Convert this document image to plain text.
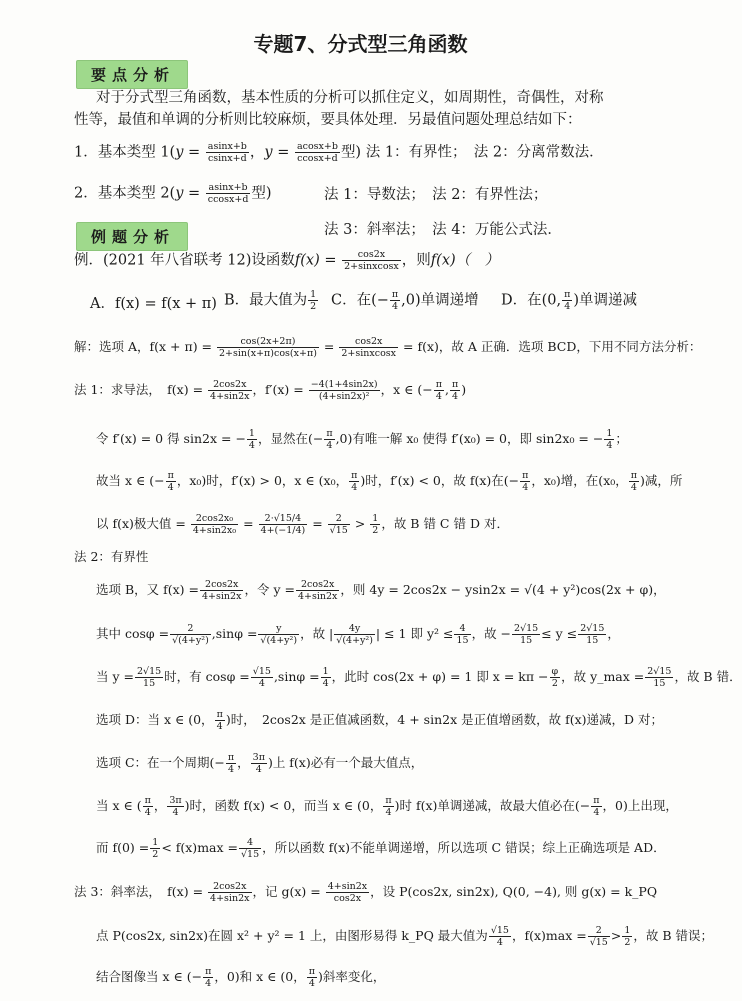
专题7、分式型三角函数
要点分析
对于分式型三角函数，基本性质的分析可以抓住定义，如周期性，奇偶性，对称
性等，最值和单调的分析则比较麻烦，要具体处理．另最值问题处理总结如下：
1．基本类型 $1(y = \frac{asinx+b}{csinx+d}$ ，$y = \frac{acosx+b}{ccosx+d}$ 型) 法 1：有界性；　法 2：分离常数法．
2．基本类型 $2(y = \frac{asinx+b}{ccosx+d}$ 型)	法 1：导数法；　法 2：有界性法；
法 3：斜率法；　法 4：万能公式法．
例题分析
例．(2021 年八省联考 12)设函数$f(x) = \frac{\cos 2x}{\text{2+sinxcosx}}$ ，则f(x)（　）
A．f(x) = f(x + π) B．最大值为 $\frac{1}{2}$ C．在(− $\frac{\pi}{4} ,0$)单调递增 D．在(0, $\frac{\pi}{4}$ )单调递减
解：选项 A，$f(x + \pi) = \frac{\cos(2x+2\pi)}{2+\sin(x+\pi)\cos(x+\pi)} = \frac{\cos 2x}{\text{2+sinxcosx}} = f(x)$，故 A 正确．选项 BCD，下用不同方法分析：
法 1：求导法，　$f(x) = \frac{2\cos 2x}{4+\sin 2x}$ ，$f'(x) = \frac{-4(1+4\sin 2x)}{\text{(4+sin2x)²}}$ ，x ∈ (− $\frac{\pi}{4}$ , $\frac{\pi}{4}$ )
令 f′(x) = 0 得 sin2x = − $\frac{1}{4}$ ，显然在(− $\frac{\pi}{4} ,0$)有唯一解 x₀ 使得 f′(x₀) = 0，即 sin2x₀ = − $\frac{1}{4}$ ；
故当 x ∈ (− $\frac{\pi}{4}$ ，x₀)时，f′(x) > 0，x ∈ (x₀， $\frac{\pi}{4}$ )时，f′(x) < 0，故 f(x)在(− $\frac{\pi}{4}$ ，x₀)增，在(x₀， $\frac{\pi}{4}$ )减，所
以 f(x)极大值 = $\frac{\text{2cos2x₀}}{\text{4+sin2x₀}} = \frac{2\cdot√15/4}{4+(-1/4)} = \frac{2}{√15} > \frac{1}{2}$ ，故 B 错 C 错 D 对．
法 2：有界性
选项 B，又 $f(x) = \frac{2\cos 2x}{4+\sin 2x}$ ，令 $y = \frac{2\cos 2x}{4+\sin 2x}$ ，则 4y = 2cos2x − ysin2x = √(4 + y²)cos(2x + φ)，
其中 $\cos\varphi = \frac{2}{\text{√(4+y²)}} ,\sin\varphi = \frac{y}{\text{√(4+y²)}}$ ，故 | $\frac{4y}{\text{√(4+y²)}}$ | ≤ 1 即 $y^2 \le \frac{4}{15}$ ，故 − $\frac{2√15}{15} \le y \le \frac{2√15}{15}$ ，
当 $y = \frac{2√15}{15}$ 时，有 $\cos\varphi = \frac{√15}{4} ,\sin\varphi = \frac{1}{4}$ ，此时 cos(2x + φ) = 1 即 $x = k\pi - \frac{\varphi}{2}$ ，故 y_max = $\frac{2√15}{15}$ ，故 B 错．
选项 D：当 x ∈ (0， $\frac{\pi}{4}$ )时，　2cos2x 是正值减函数，4 + sin2x 是正值增函数，故 f(x)递减，D 对；
选项 C：在一个周期(− $\frac{\pi}{4}$ ， $\frac{3\pi}{4}$ )上 f(x)必有一个最大值点，
当 x ∈ ( $\frac{\pi}{4}$ ， $\frac{3\pi}{4}$ )时，函数 f(x) < 0，而当 x ∈ (0， $\frac{\pi}{4}$ )时 f(x)单调递减，故最大值必在(− $\frac{\pi}{4}$ ，0)上出现，
而 $f(0) = \frac{1}{2} < f(x)\max = \frac{4}{√15}$ ，所以函数 f(x)不能单调递增，所以选项 C 错误；综上正确选项是 AD．
法 3：斜率法，　$f(x) = \frac{2\cos 2x}{4+\sin 2x}$ ，记 $g(x) = \frac{4+\sin 2x}{\cos 2x}$ ，设 P(cos2x, sin2x), Q(0, −4), 则 g(x) = k_PQ
点 P(cos2x, sin2x)在圆 x² + y² = 1 上，由图形易得 k_PQ 最大值为 $\frac{√15}{4}$ ，$f(x)\max = \frac{2}{√15} > \frac{1}{2}$ ，故 B 错误；
结合图像当 x ∈ (− $\frac{\pi}{4}$ ，0)和 x ∈ (0， $\frac{\pi}{4}$ )斜率变化，
